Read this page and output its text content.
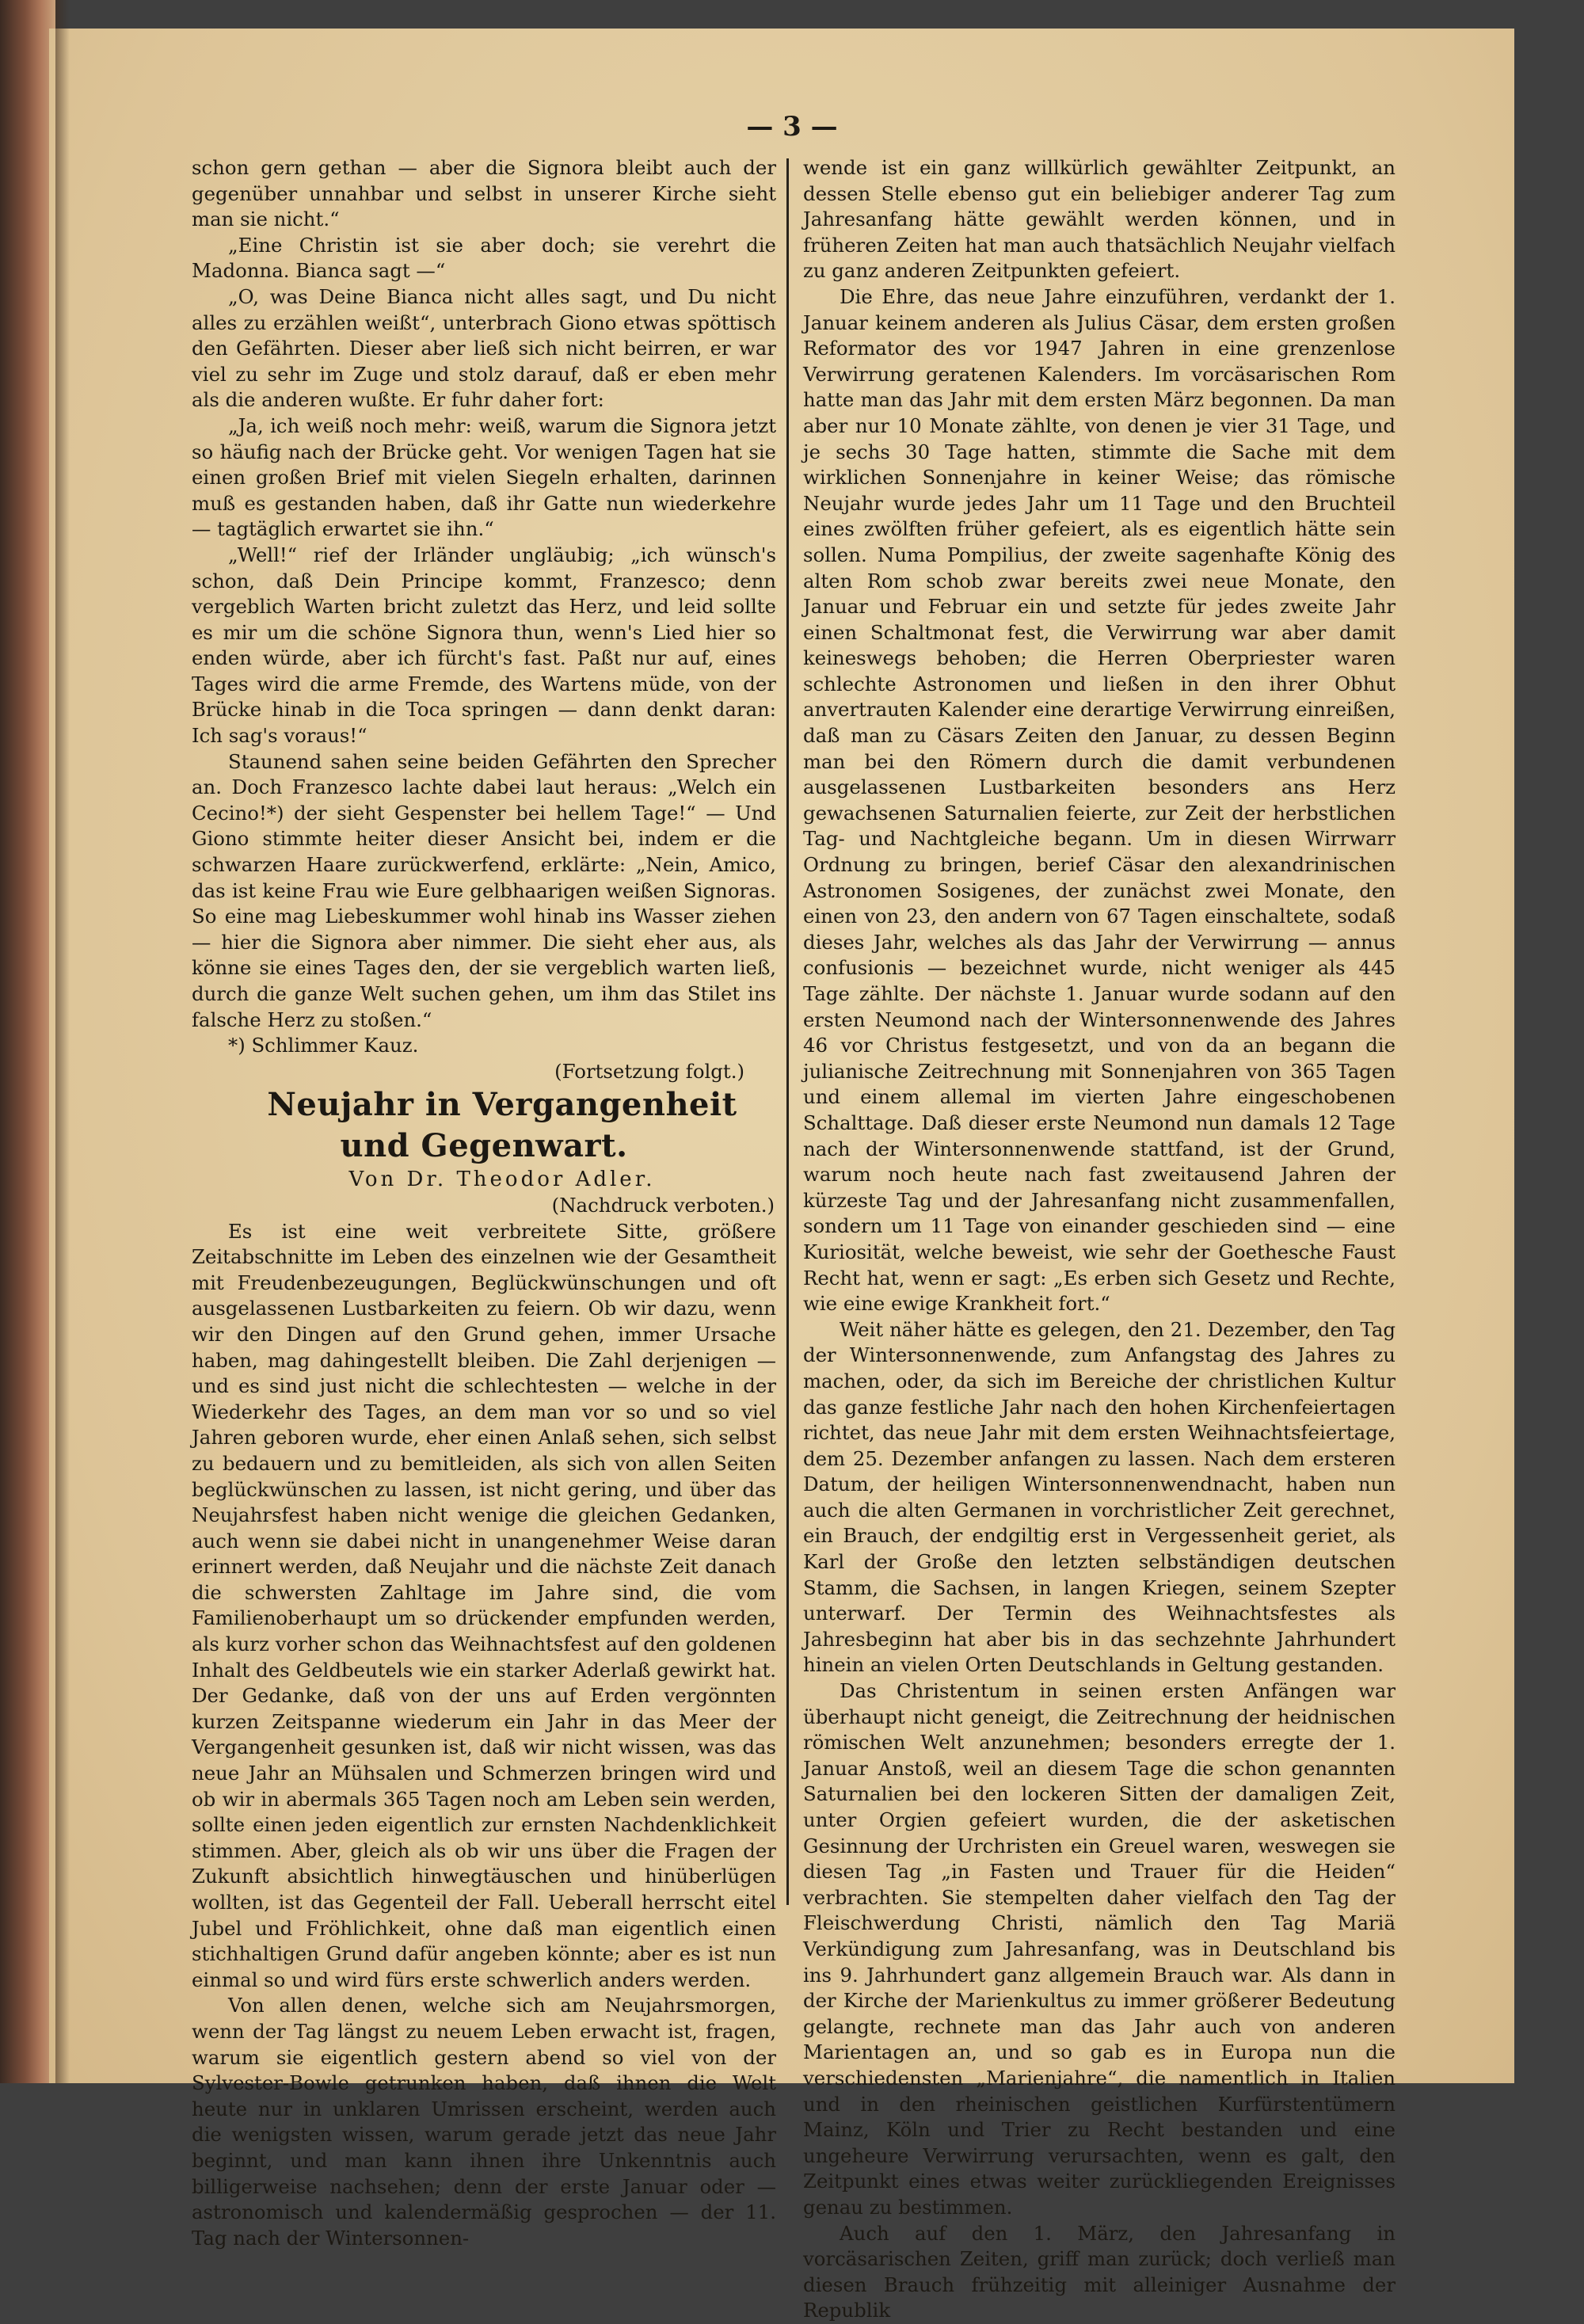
— 3 —

schon gern gethan — aber die Signora bleibt auch der gegenüber unnahbar und selbst in unserer Kirche sieht man sie nicht.“

„Eine Christin ist sie aber doch; sie verehrt die Madonna. Bianca sagt —“

„O, was Deine Bianca nicht alles sagt, und Du nicht alles zu erzählen weißt“, unterbrach Giono etwas spöttisch den Gefährten. Dieser aber ließ sich nicht beirren, er war viel zu sehr im Zuge und stolz darauf, daß er eben mehr als die anderen wußte. Er fuhr daher fort:

„Ja, ich weiß noch mehr: weiß, warum die Signora jetzt so häufig nach der Brücke geht. Vor wenigen Tagen hat sie einen großen Brief mit vielen Siegeln erhalten, darinnen muß es gestanden haben, daß ihr Gatte nun wiederkehre — tagtäglich erwartet sie ihn.“

„Well!“ rief der Irländer ungläubig; „ich wünsch's schon, daß Dein Principe kommt, Franzesco; denn vergeblich Warten bricht zuletzt das Herz, und leid sollte es mir um die schöne Signora thun, wenn's Lied hier so enden würde, aber ich fürcht's fast. Paßt nur auf, eines Tages wird die arme Fremde, des Wartens müde, von der Brücke hinab in die Toca springen — dann denkt daran: Ich sag's voraus!“

Staunend sahen seine beiden Gefährten den Sprecher an. Doch Franzesco lachte dabei laut heraus: „Welch ein Cecino!*) der sieht Gespenster bei hellem Tage!“ — Und Giono stimmte heiter dieser Ansicht bei, indem er die schwarzen Haare zurückwerfend, erklärte: „Nein, Amico, das ist keine Frau wie Eure gelbhaarigen weißen Signoras. So eine mag Liebeskummer wohl hinab ins Wasser ziehen — hier die Signora aber nimmer. Die sieht eher aus, als könne sie eines Tages den, der sie vergeblich warten ließ, durch die ganze Welt suchen gehen, um ihm das Stilet ins falsche Herz zu stoßen.“

*) Schlimmer Kauz.

(Fortsetzung folgt.)

Neujahr in Vergangenheit und Gegenwart.

Von Dr. Theodor Adler.

(Nachdruck verboten.)

Es ist eine weit verbreitete Sitte, größere Zeitabschnitte im Leben des einzelnen wie der Gesamtheit mit Freudenbezeugungen, Beglückwünschungen und oft ausgelassenen Lustbarkeiten zu feiern. Ob wir dazu, wenn wir den Dingen auf den Grund gehen, immer Ursache haben, mag dahingestellt bleiben. Die Zahl derjenigen — und es sind just nicht die schlechtesten — welche in der Wiederkehr des Tages, an dem man vor so und so viel Jahren geboren wurde, eher einen Anlaß sehen, sich selbst zu bedauern und zu bemitleiden, als sich von allen Seiten beglückwünschen zu lassen, ist nicht gering, und über das Neujahrsfest haben nicht wenige die gleichen Gedanken, auch wenn sie dabei nicht in unangenehmer Weise daran erinnert werden, daß Neujahr und die nächste Zeit danach die schwersten Zahltage im Jahre sind, die vom Familienoberhaupt um so drückender empfunden werden, als kurz vorher schon das Weihnachtsfest auf den goldenen Inhalt des Geldbeutels wie ein starker Aderlaß gewirkt hat. Der Gedanke, daß von der uns auf Erden vergönnten kurzen Zeitspanne wiederum ein Jahr in das Meer der Vergangenheit gesunken ist, daß wir nicht wissen, was das neue Jahr an Mühsalen und Schmerzen bringen wird und ob wir in abermals 365 Tagen noch am Leben sein werden, sollte einen jeden eigentlich zur ernsten Nachdenklichkeit stimmen. Aber, gleich als ob wir uns über die Fragen der Zukunft absichtlich hinwegtäuschen und hinüberlügen wollten, ist das Gegenteil der Fall. Ueberall herrscht eitel Jubel und Fröhlichkeit, ohne daß man eigentlich einen stichhaltigen Grund dafür angeben könnte; aber es ist nun einmal so und wird fürs erste schwerlich anders werden.

Von allen denen, welche sich am Neujahrsmorgen, wenn der Tag längst zu neuem Leben erwacht ist, fragen, warum sie eigentlich gestern abend so viel von der Sylvester-Bowle getrunken haben, daß ihnen die Welt heute nur in unklaren Umrissen erscheint, werden auch die wenigsten wissen, warum gerade jetzt das neue Jahr beginnt, und man kann ihnen ihre Unkenntnis auch billigerweise nachsehen; denn der erste Januar oder — astronomisch und kalendermäßig gesprochen — der 11. Tag nach der Wintersonnen-

wende ist ein ganz willkürlich gewählter Zeitpunkt, an dessen Stelle ebenso gut ein beliebiger anderer Tag zum Jahresanfang hätte gewählt werden können, und in früheren Zeiten hat man auch thatsächlich Neujahr vielfach zu ganz anderen Zeitpunkten gefeiert.

Die Ehre, das neue Jahre einzuführen, verdankt der 1. Januar keinem anderen als Julius Cäsar, dem ersten großen Reformator des vor 1947 Jahren in eine grenzenlose Verwirrung geratenen Kalenders. Im vorcäsarischen Rom hatte man das Jahr mit dem ersten März begonnen. Da man aber nur 10 Monate zählte, von denen je vier 31 Tage, und je sechs 30 Tage hatten, stimmte die Sache mit dem wirklichen Sonnenjahre in keiner Weise; das römische Neujahr wurde jedes Jahr um 11 Tage und den Bruchteil eines zwölften früher gefeiert, als es eigentlich hätte sein sollen. Numa Pompilius, der zweite sagenhafte König des alten Rom schob zwar bereits zwei neue Monate, den Januar und Februar ein und setzte für jedes zweite Jahr einen Schaltmonat fest, die Verwirrung war aber damit keineswegs behoben; die Herren Oberpriester waren schlechte Astronomen und ließen in den ihrer Obhut anvertrauten Kalender eine derartige Verwirrung einreißen, daß man zu Cäsars Zeiten den Januar, zu dessen Beginn man bei den Römern durch die damit verbundenen ausgelassenen Lustbarkeiten besonders ans Herz gewachsenen Saturnalien feierte, zur Zeit der herbstlichen Tag- und Nachtgleiche begann. Um in diesen Wirrwarr Ordnung zu bringen, berief Cäsar den alexandrinischen Astronomen Sosigenes, der zunächst zwei Monate, den einen von 23, den andern von 67 Tagen einschaltete, sodaß dieses Jahr, welches als das Jahr der Verwirrung — annus confusionis — bezeichnet wurde, nicht weniger als 445 Tage zählte. Der nächste 1. Januar wurde sodann auf den ersten Neumond nach der Wintersonnenwende des Jahres 46 vor Christus festgesetzt, und von da an begann die julianische Zeitrechnung mit Sonnenjahren von 365 Tagen und einem allemal im vierten Jahre eingeschobenen Schalttage. Daß dieser erste Neumond nun damals 12 Tage nach der Wintersonnenwende stattfand, ist der Grund, warum noch heute nach fast zweitausend Jahren der kürzeste Tag und der Jahresanfang nicht zusammenfallen, sondern um 11 Tage von einander geschieden sind — eine Kuriosität, welche beweist, wie sehr der Goethesche Faust Recht hat, wenn er sagt: „Es erben sich Gesetz und Rechte, wie eine ewige Krankheit fort.“

Weit näher hätte es gelegen, den 21. Dezember, den Tag der Wintersonnenwende, zum Anfangstag des Jahres zu machen, oder, da sich im Bereiche der christlichen Kultur das ganze festliche Jahr nach den hohen Kirchenfeiertagen richtet, das neue Jahr mit dem ersten Weihnachtsfeiertage, dem 25. Dezember anfangen zu lassen. Nach dem ersteren Datum, der heiligen Wintersonnenwendnacht, haben nun auch die alten Germanen in vorchristlicher Zeit gerechnet, ein Brauch, der endgiltig erst in Vergessenheit geriet, als Karl der Große den letzten selbständigen deutschen Stamm, die Sachsen, in langen Kriegen, seinem Szepter unterwarf. Der Termin des Weihnachtsfestes als Jahresbeginn hat aber bis in das sechzehnte Jahrhundert hinein an vielen Orten Deutschlands in Geltung gestanden.

Das Christentum in seinen ersten Anfängen war überhaupt nicht geneigt, die Zeitrechnung der heidnischen römischen Welt anzunehmen; besonders erregte der 1. Januar Anstoß, weil an diesem Tage die schon genannten Saturnalien bei den lockeren Sitten der damaligen Zeit, unter Orgien gefeiert wurden, die der asketischen Gesinnung der Urchristen ein Greuel waren, weswegen sie diesen Tag „in Fasten und Trauer für die Heiden“ verbrachten. Sie stempelten daher vielfach den Tag der Fleischwerdung Christi, nämlich den Tag Mariä Verkündigung zum Jahresanfang, was in Deutschland bis ins 9. Jahrhundert ganz allgemein Brauch war. Als dann in der Kirche der Marienkultus zu immer größerer Bedeutung gelangte, rechnete man das Jahr auch von anderen Marientagen an, und so gab es in Europa nun die verschiedensten „Marienjahre“, die namentlich in Italien und in den rheinischen geistlichen Kurfürstentümern Mainz, Köln und Trier zu Recht bestanden und eine ungeheure Verwirrung verursachten, wenn es galt, den Zeitpunkt eines etwas weiter zurückliegenden Ereignisses genau zu bestimmen.

Auch auf den 1. März, den Jahresanfang in vorcäsarischen Zeiten, griff man zurück; doch verließ man diesen Brauch frühzeitig mit alleiniger Ausnahme der Republik
